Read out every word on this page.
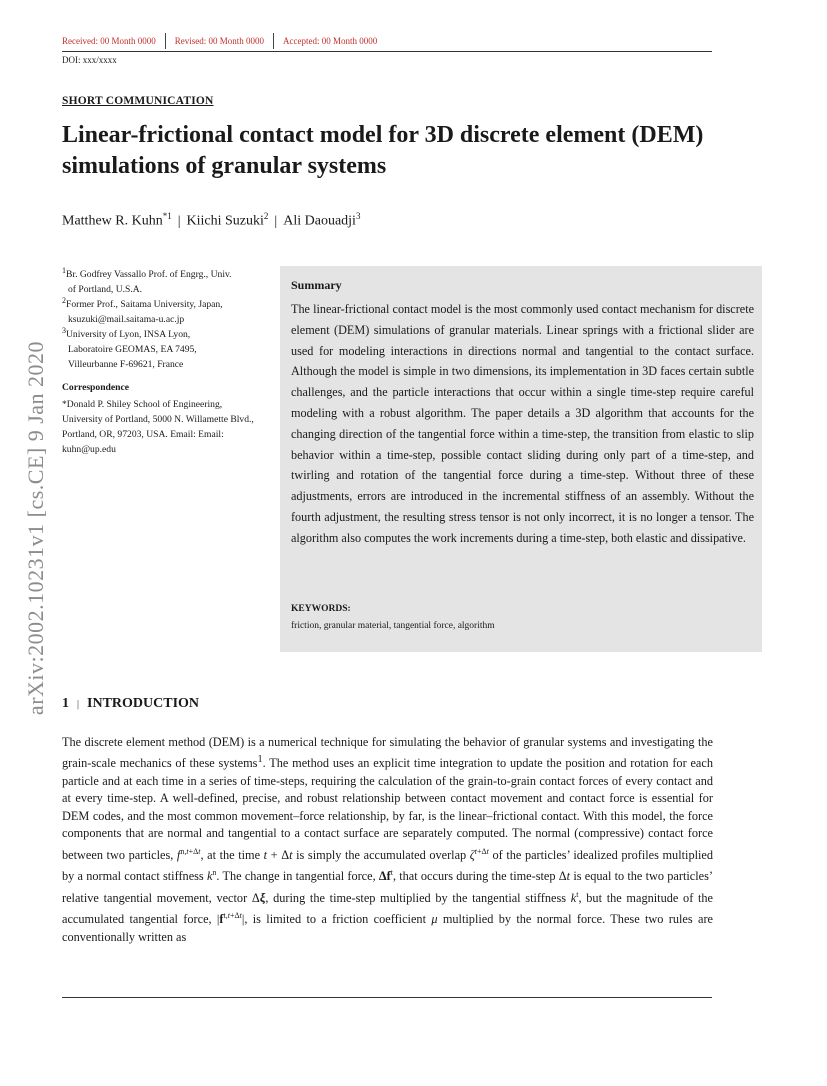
Received: 00 Month 0000 Revised: 00 Month 0000 Accepted: 00 Month 0000
DOI: xxx/xxxx
SHORT COMMUNICATION
Linear-frictional contact model for 3D discrete element (DEM) simulations of granular systems
Matthew R. Kuhn$^{*1}$ | Kiichi Suzuki$^2$ | Ali Daouadji$^3$

$^1$Br. Godfrey Vassallo Prof. of Engrg., Univ.

of Portland, U.S.A.

$^2$Former Prof., Saitama University, Japan,

ksuzuki@mail.saitama-u.ac.jp

$^3$University of Lyon, INSA Lyon,

Laboratoire GEOMAS, EA 7495,

Villeurbanne F-69621, France

Correspondence
*Donald P. Shiley School of Engineering, University of Portland, 5000 N. Willamette Blvd., Portland, OR, 97203, USA. Email: Email: kuhn@up.edu
Summary
The linear-frictional contact model is the most commonly used contact mechanism for discrete element (DEM) simulations of granular materials. Linear springs with a frictional slider are used for modeling interactions in directions normal and tangential to the contact surface. Although the model is simple in two dimensions, its implementation in 3D faces certain subtle challenges, and the particle interactions that occur within a single time-step require careful modeling with a robust algorithm. The paper details a 3D algorithm that accounts for the changing direction of the tangential force within a time-step, the transition from elastic to slip behavior within a time-step, possible contact sliding during only part of a time-step, and twirling and rotation of the tangential force during a time-step. Without three of these adjustments, errors are introduced in the incremental stiffness of an assembly. Without the fourth adjustment, the resulting stress tensor is not only incorrect, it is no longer a tensor. The algorithm also computes the work increments during a time-step, both elastic and dissipative.
KEYWORDS:
friction, granular material, tangential force, algorithm
arXiv:2002.10231v1 [cs.CE] 9 Jan 2020 1 | INTRODUCTION
The discrete element method (DEM) is a numerical technique for simulating the behavior of granular systems and investigating the grain-scale mechanics of these systems$^1$. The method uses an explicit time integration to update the position and rotation for each particle and at each time in a series of time-steps, requiring the calculation of the grain-to-grain contact forces of every contact and at every time-step. A well-defined, precise, and robust relationship between contact movement and contact force is essential for DEM codes, and the most common movement–force relationship, by far, is the linear–frictional contact. With this model, the force components that are normal and tangential to a contact surface are separately computed. The normal (compressive) contact force between two particles, $f^{n,t+\Delta t}$, at the time t + Δt is simply the accumulated overlap $\zeta^{t+\Delta t}$ of the particles’ idealized profiles multiplied by a normal contact stiffness $k^n$. The change in tangential force, $\Delta f^t$, that occurs during the time-step Δt is equal to the two particles’ relative tangential movement, vector Δξ, during the time-step multiplied by the tangential stiffness $k^t$, but the magnitude of the accumulated tangential force, $|f^{t,t+\Delta t}|$, is limited to a friction coefficient μ multiplied by the normal force. These two rules are conventionally written as
